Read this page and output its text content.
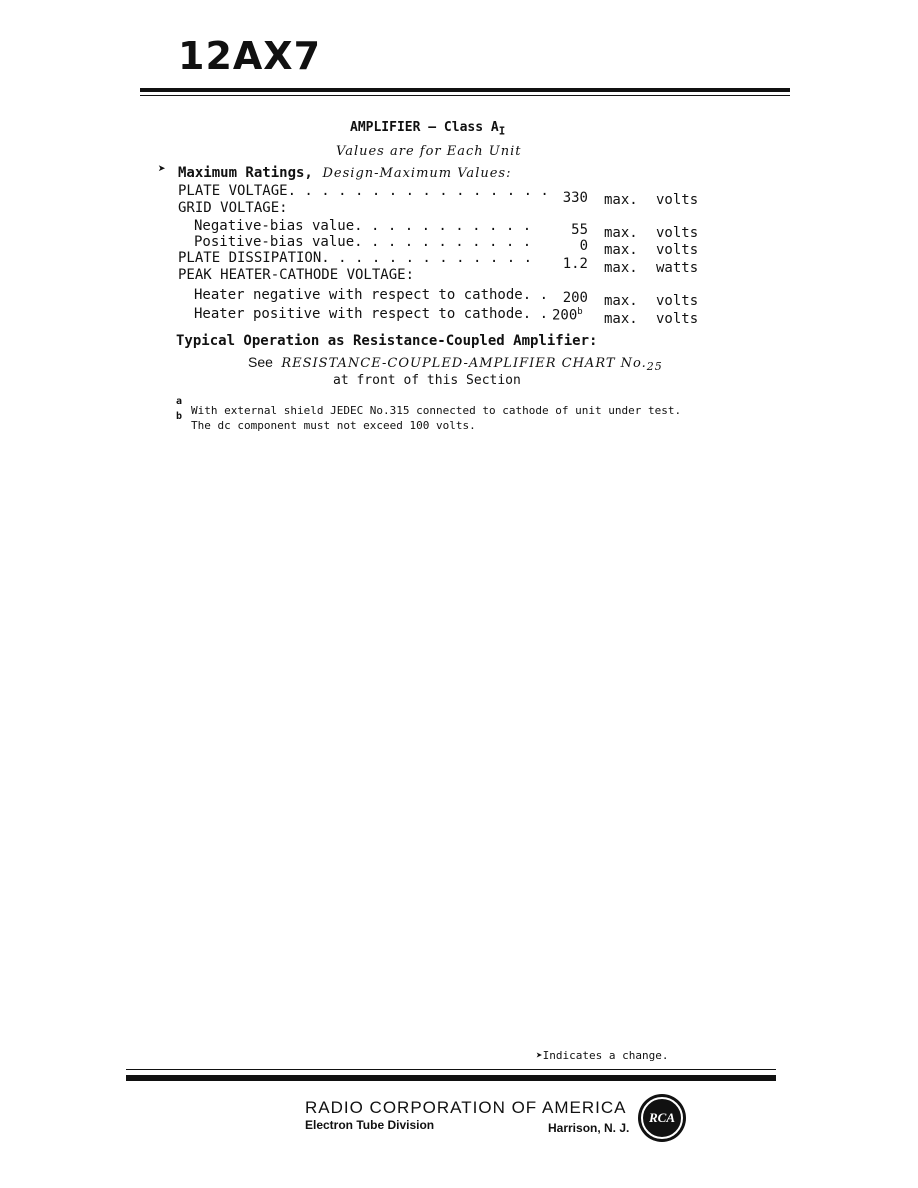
12AX7
AMPLIFIER — Class $A_I$
Values are for Each Unit
➤ Maximum Ratings, Design-Maximum Values:
PLATE VOLTAGE. . . . . . . . . . . . . . . . 330 max. volts
GRID VOLTAGE:
Negative-bias value. . . . . . . . . . .	55 max. volts
Positive-bias value. . . . . . . . . . .	0 max. volts
PLATE DISSIPATION. . . . . . . . . . . . .	1.2 max. watts
PEAK HEATER-CATHODE VOLTAGE:
Heater negative with respect to cathode. .	200 max. volts
Heater positive with respect to cathode. . 200$^b$ max. volts
Typical Operation as Resistance-Coupled Amplifier:
See RESISTANCE-COUPLED-AMPLIFIER CHART $No._{25}$
at front of this Section
a
With external shield JEDEC No.315 connected to cathode of unit under test.
b
The dc component must not exceed 100 volts.
➤Indicates a change.
RADIO CORPORATION OF AMERICA
Electron Tube Division	Harrison, N. J.
RCA
